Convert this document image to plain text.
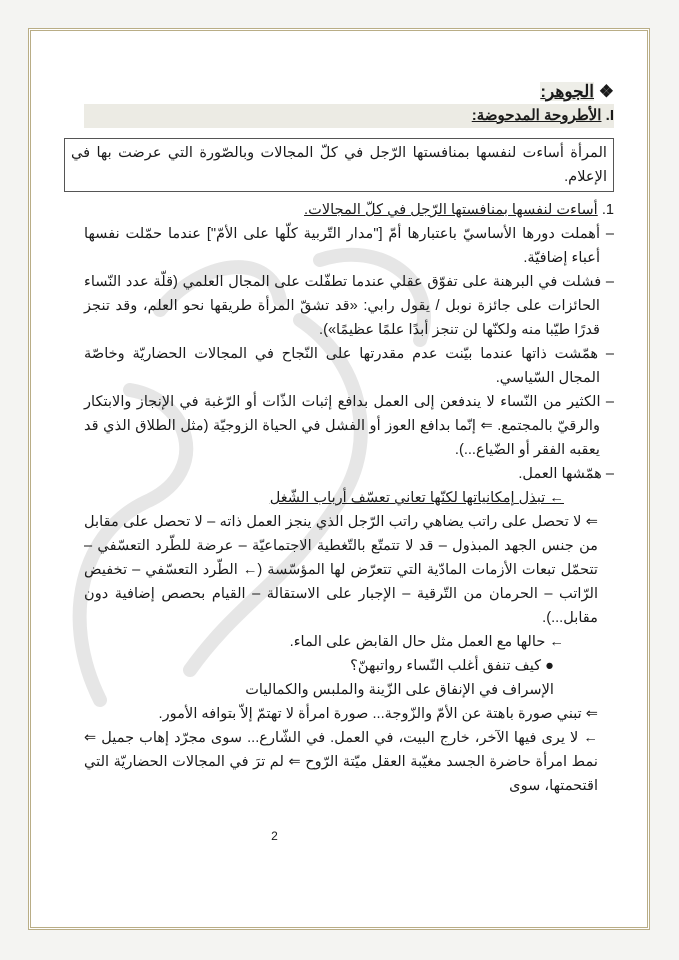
❖ الجوهر:
I. الأطروحة المدحوضة:
المرأة أساءت لنفسها بمنافستها الرّجل في كلّ المجالات وبالصّورة التي عرضت بها في الإعلام.
1. أساءت لنفسها بمنافستها الرّجل في كلّ المجالات.
– أهملت دورها الأساسيّ باعتبارها أمّ ["مدار التّربية كلّها على الأمّ"] عندما حمّلت نفسها أعباء إضافيّة.
– فشلت في البرهنة على تفوّق عقلي عندما تطفّلت على المجال العلمي (قلّة عدد النّساء الحائزات على جائزة نوبل / يقول رابي: «قد تشقّ المرأة طريقها نحو العلم، وقد تنجز قدرًا طيّبا منه ولكنّها لن تنجز أبدًا علمًا عظيمًا»).
– همّشت ذاتها عندما بيّنت عدم مقدرتها على النّجاح في المجالات الحضاريّة وخاصّة المجال السّياسي.
– الكثير من النّساء لا يندفعن إلى العمل بدافع إثبات الذّات أو الرّغبة في الإنجاز والابتكار والرقيّ بالمجتمع. ⇐ إنّما بدافع العوز أو الفشل في الحياة الزوجيّة (مثل الطلاق الذي قد يعقبه الفقر أو الضّياع...).
– همّشها العمل.
← تبذل إمكانياتها لكنّها تعاني تعسّف أرباب الشّغل
⇐ لا تحصل على راتب يضاهي راتب الرّجل الذي ينجز العمل ذاته – لا تحصل على مقابل من جنس الجهد المبذول – قد لا تتمتّع بالتّغطية الاجتماعيّة – عرضة للطّرد التعسّفي – تتحمّل تبعات الأزمات المادّية التي تتعرّض لها المؤسّسة (← الطّرد التعسّفي – تخفيض الرّاتب – الحرمان من التّرقية – الإجبار على الاستقالة – القيام بحصص إضافية دون مقابل...).
← حالها مع العمل مثل حال القابض على الماء.
● كيف تنفق أغلب النّساء رواتبهنّ؟
الإسراف في الإنفاق على الزّينة والملبس والكماليات
⇐ تبني صورة باهتة عن الأمّ والزّوجة... صورة امرأة لا تهتمّ إلاّ بتوافه الأمور.
← لا يرى فيها الآخر، خارج البيت، في العمل. في الشّارع... سوى مجرّد إهاب جميل ⇐ نمط امرأة حاضرة الجسد مغيّبة العقل ميّتة الرّوح ⇐ لم ترَ في المجالات الحضاريّة التي اقتحمتها، سوى
2
